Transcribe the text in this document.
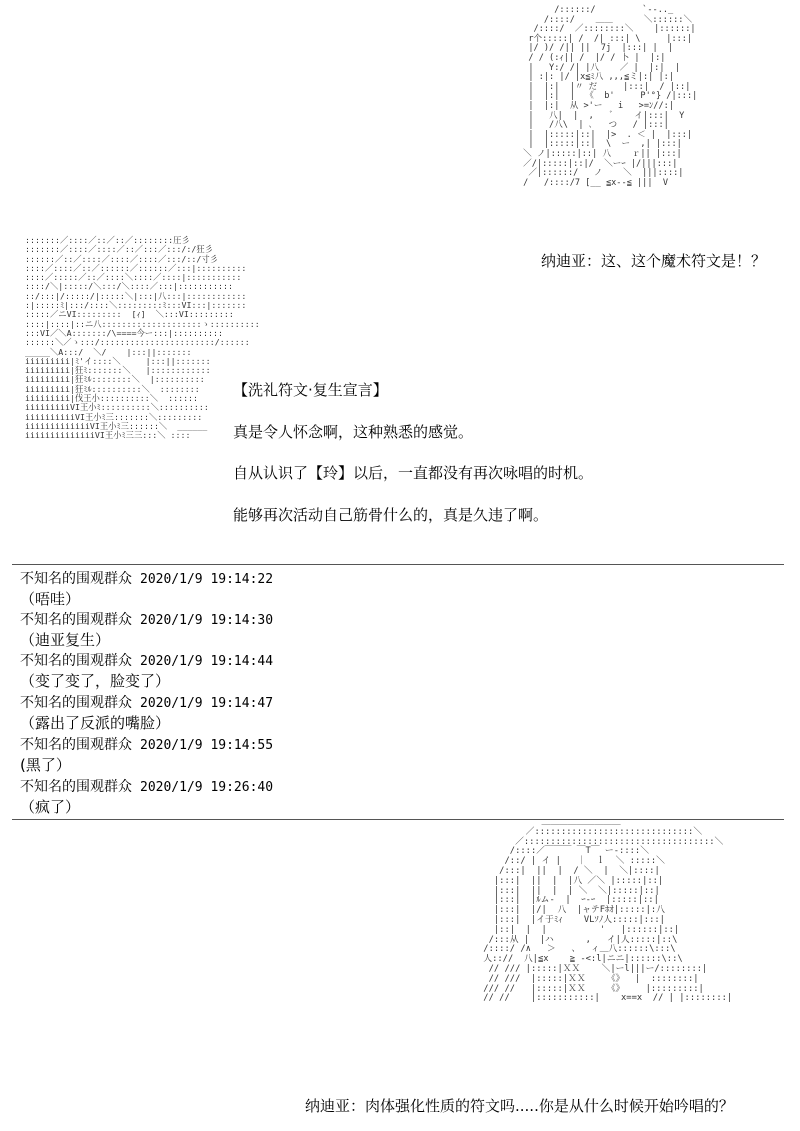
/::::::/         `‐-.._
/::::/    ＿＿      ＼::::::＼
/::::/  ／::::::::＼    |::::::|
r个:::::| /  /| :::| \     |:::|
|/ )/ /|| ||  7j  |:::| |  |
/ / (:ｨ|| /  |/ / 卜 |  |:|
|   Y:/ /| |八    ／ |  |:|  |
| :|: |/ |x≦ﾐ八 ,,,≦ミ|:| |:|
|  |:|  |〃 だ     |:::|  / |::|
|  |:|  |  《  b'     P'°} /|:::|
|  |:|  从 >'ー   i   >=ﾝ//:|
|   八|  |  ,   ﾞ    イ|:::|  Y
|   /八\  | ､   つ   / |:::|
|  |:::::|::|  |>  . ＜ |  |:::|
|  |:::::|::|  \  ー  ,| |:::|
＼ ノ|:::::|::| 八    ｒ|| |:::|
／/|:::::|::|/  ＼ーｰ |/|||:::|
／|::::::/   ノ    ＼  |||::::|
/   /::::/7 [__ ≦x--≦ |||  V

纳迪亚：这、这个魔术符文是！？
:::::::／::::／::／::／::::::::圧彡
:::::::／::::／::::／::／:::／:::/:/狂彡
::::::／::／::::／::::／::::／:::/::/寸彡
::::／::::／::／::::::／::::::／:::|::::::::::
::::／:::::／::／::::＼::::／::::|:::::::::::
::::/＼|:::::/＼:::/＼::::／:::|:::::::::::
::/:::|/:::::/|:::::＼|:::|八:::|::::::::::::
:|:::::ﾐ|:::/::::＼:::::::::ﾐ:::VI:::|:::::::
:::::／ニVI:::::::::  [ｨ]  ＼:::VI:::::::::
::::|::::|::ニ八::::::::::::::::::::ゝ::::::::::
:::VI／＼A:::::::/\====今ー:::|::::::::::
::::::＼／ゝ:::/:::::::::::::::::::::::/::::::
_____＼A:::/  ＼/    |:::||:::::::
iiiiiiiii|ﾐ'イ::::＼     |:::||:::::::
iiiiiiiii|狂ﾐ:::::::＼   |::::::::::::
iiiiiiiii|狂ﾐﾙ::::::::＼  |::::::::::
iiiiiiiii|狂ﾐﾙ::::::::::＼  ::::::::
iiiiiiiii|伐王小::::::::::＼  ::::::
iiiiiiiiiVI王小ﾐ::::::::::＼::::::::::
iiiiiiiiiiVI王小ﾐ三:::::::＼:::::::::
iiiiiiiiiiiiiVI王小ﾐ三::::::＼  ______
iiiiiiiiiiiiiiVI王小ﾐ三三:::＼ ::::

【洗礼符文·复生宣言】
真是令人怀念啊，这种熟悉的感觉。
自从认识了【玲】以后，一直都没有再次咏唱的时机。
能够再次活动自己筋骨什么的，真是久违了啊。
不知名的围观群众 2020/1/9 19:14:22
（唔哇）
不知名的围观群众 2020/1/9 19:14:30
（迪亚复生）
不知名的围观群众 2020/1/9 19:14:44
（变了变了，脸变了）
不知名的围观群众 2020/1/9 19:14:47
（露出了反派的嘴脸）
不知名的围观群众 2020/1/9 19:14:55
(黑了）
不知名的围观群众 2020/1/9 19:26:40
（疯了）
＿＿＿＿＿＿＿＿＿
／::::::::::::::::::::::::::::::＼
／::::::::::::::::::::::::::::::::::::＼
/::::／￣￣￣ ￣T￣ ー-::::＼
/::/ | イ |   ｜  ｌ  ＼ :::::＼
/:::|  ||  |  / ＼  |  ＼|::::|
|:::|  ||  |  |八 ／＼ |:::::|::|
|:::|  ||  |  | ＼  ＼|:::::|::|
|:::|  |ﾙム-  |  ｰ-ｰ  |:::::|::|
|:::|  |/|  八  |ャテFﾎｵ|:::::|:八
|:::|  |イ于ﾐｨ    VLｿﾉ人:::::|:::|
|::|  |  |          '   |::::::|::|
/:::从 |  |ハ      ,   イ|人:::::|::\
/::::/ /∧   ＞   、  ィ＿八::::::\:::\
人:://  八|≦x    ≧ -<:l|ニニ|::::::\::\
// /// |:::::|ＸＸ    ＼|ーl|||ー/::::::::|
// ///  |:::::|ＸＸ    《》  |  ::::::::|
/// //   |:::::|ＸＸ    《》    |:::::::::|
// //    |:::::::::::|    x==x  // | |::::::::|

纳迪亚：肉体强化性质的符文吗.....你是从什么时候开始吟唱的？
